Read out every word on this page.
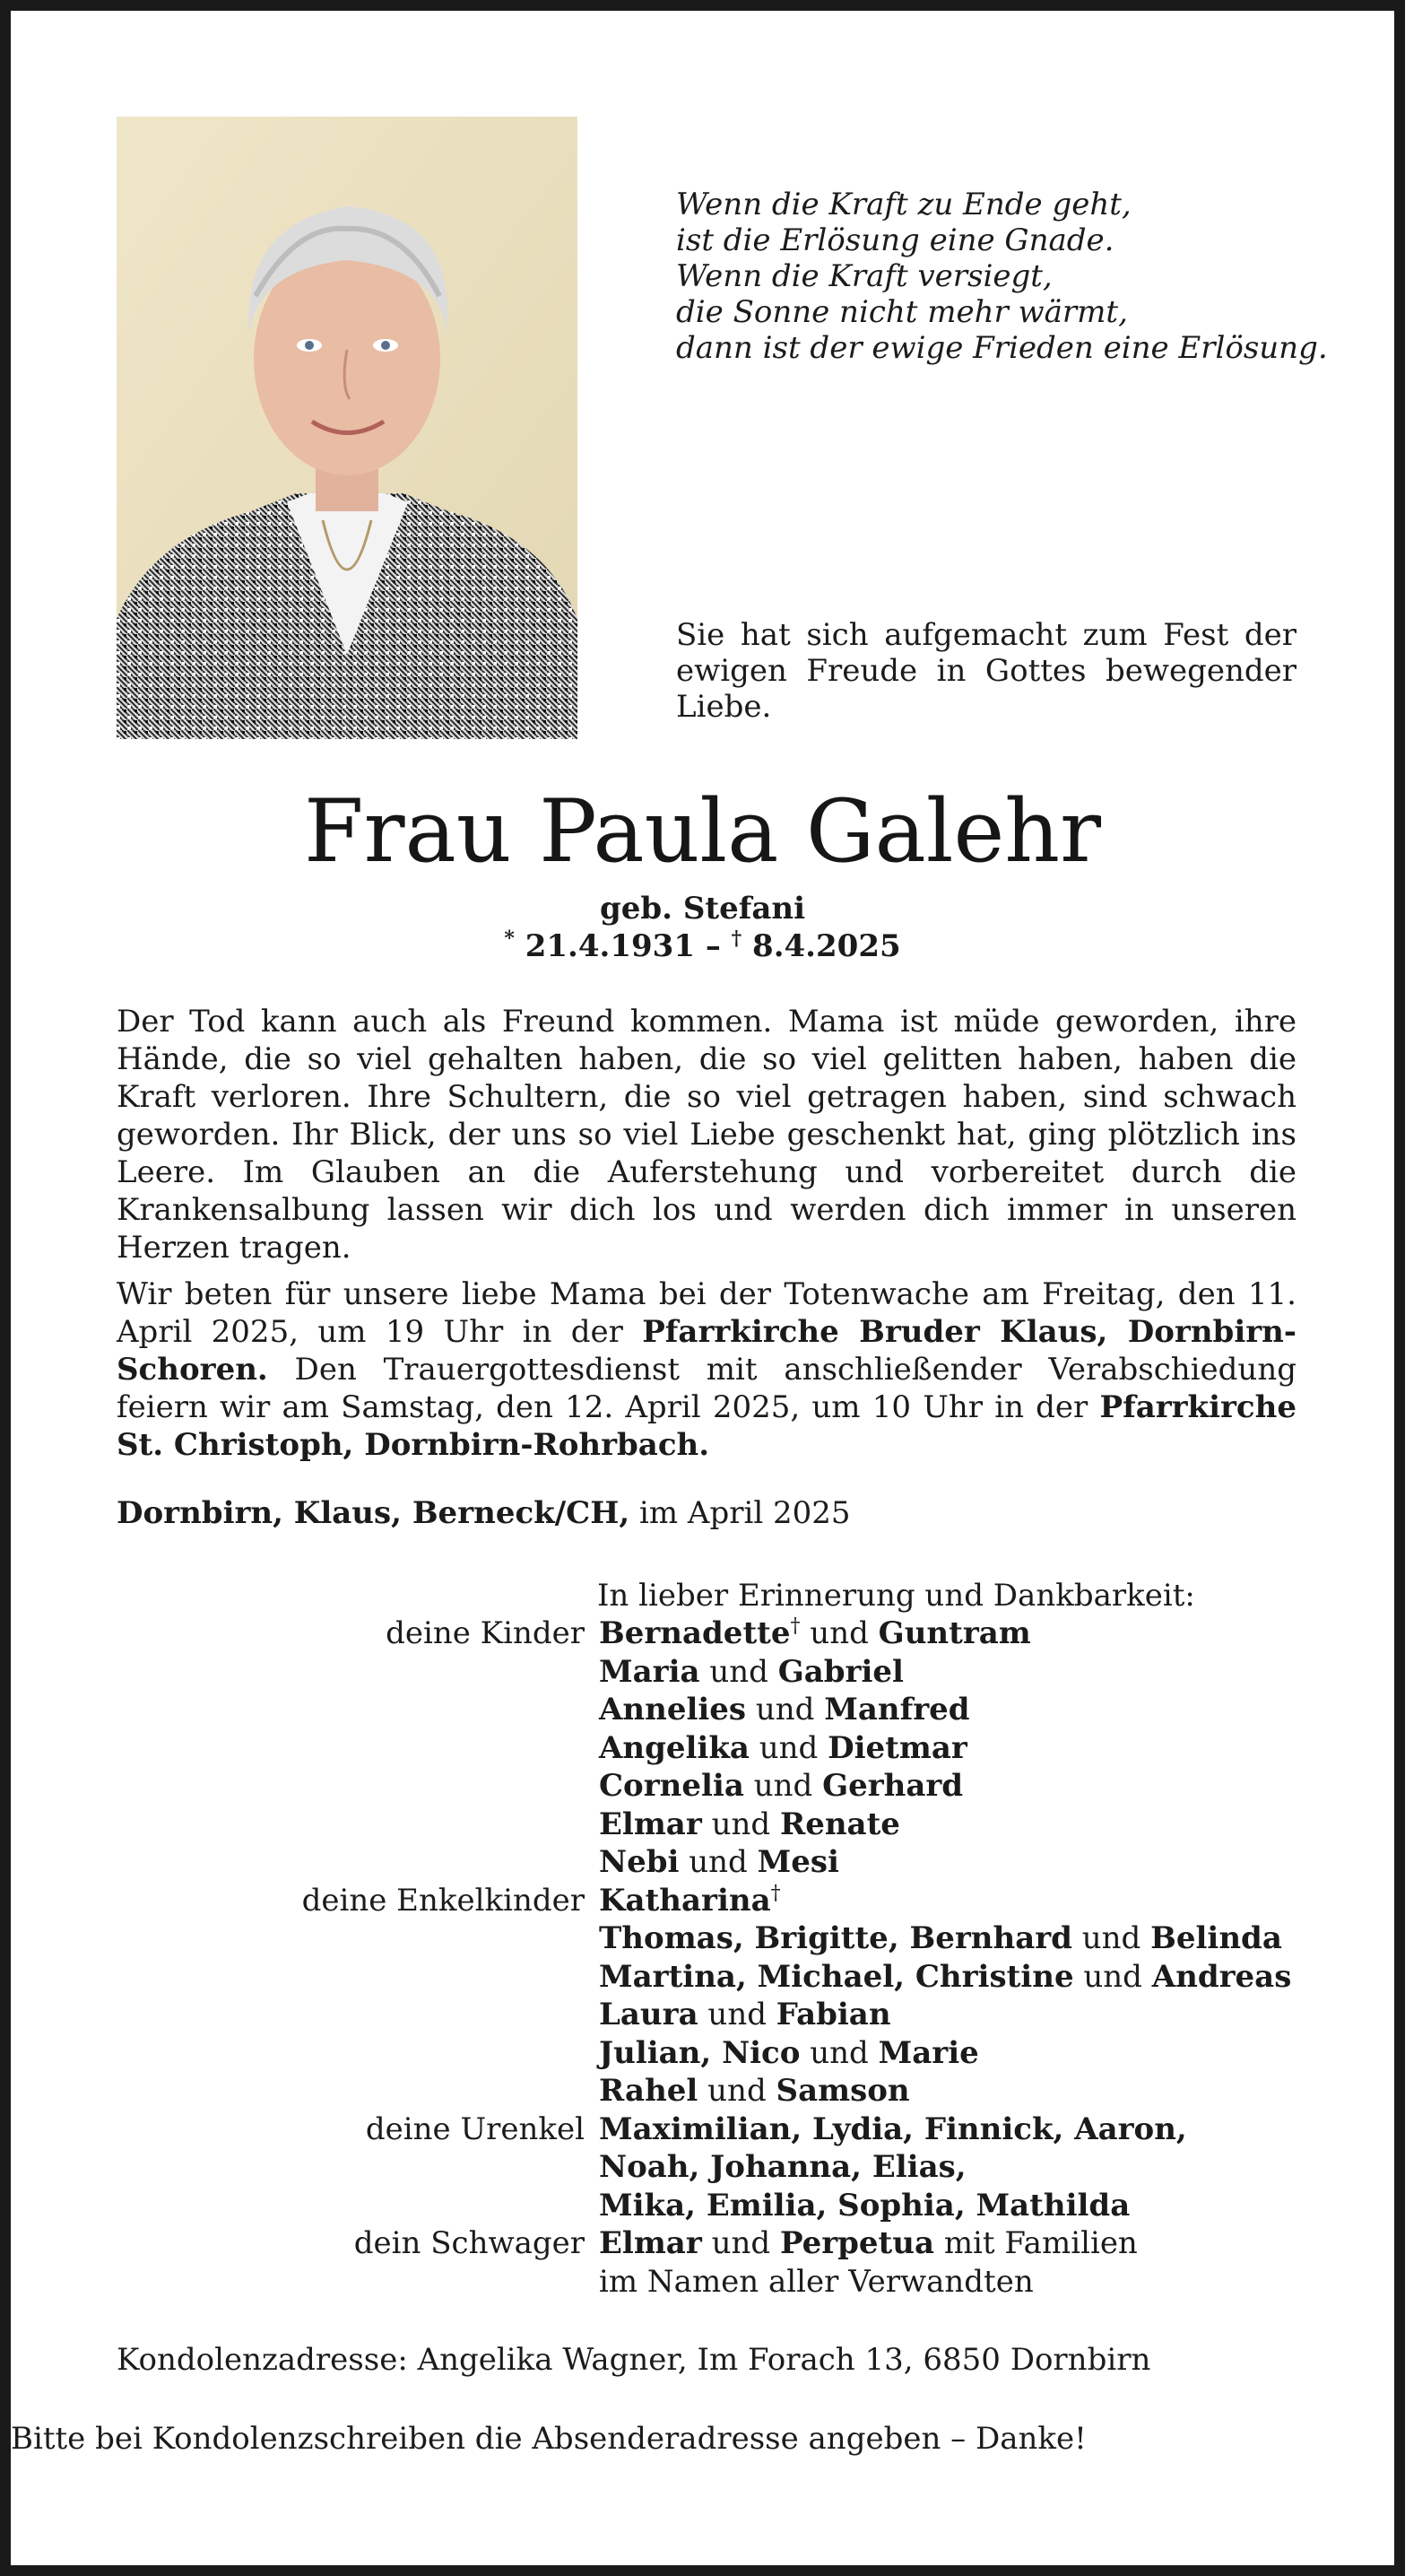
Wenn die Kraft zu Ende geht,
ist die Erlösung eine Gnade.
Wenn die Kraft versiegt,
die Sonne nicht mehr wärmt,
dann ist der ewige Frieden eine Erlösung.
Sie hat sich aufgemacht zum Fest der ewigen Freude in Gottes bewegender Liebe.
Frau Paula Galehr
geb. Stefani
* 21.4.1931 – † 8.4.2025
Der Tod kann auch als Freund kommen. Mama ist müde geworden, ihre Hände, die so viel gehalten haben, die so viel gelitten haben, haben die Kraft verloren. Ihre Schultern, die so viel getragen haben, sind schwach geworden. Ihr Blick, der uns so viel Liebe geschenkt hat, ging plötzlich ins Leere. Im Glauben an die Auferstehung und vorbereitet durch die Krankensalbung lassen wir dich los und werden dich immer in unseren Herzen tragen.
Wir beten für unsere liebe Mama bei der Totenwache am Freitag, den 11. April 2025, um 19 Uhr in der Pfarrkirche Bruder Klaus, Dornbirn-Schoren. Den Trauergottesdienst mit anschließender Verabschiedung feiern wir am Samstag, den 12. April 2025, um 10 Uhr in der Pfarrkirche St. Christoph, Dornbirn-Rohrbach.
Dornbirn, Klaus, Berneck/CH, im April 2025
In lieber Erinnerung und Dankbarkeit:
deine Kinder Bernadette† und Guntram
Maria und Gabriel
Annelies und Manfred
Angelika und Dietmar
Cornelia und Gerhard
Elmar und Renate
Nebi und Mesi
deine Enkelkinder Katharina†
Thomas, Brigitte, Bernhard und Belinda
Martina, Michael, Christine und Andreas
Laura und Fabian
Julian, Nico und Marie
Rahel und Samson
deine Urenkel Maximilian, Lydia, Finnick, Aaron,
Noah, Johanna, Elias,
Mika, Emilia, Sophia, Mathilda
dein Schwager Elmar und Perpetua mit Familien
im Namen aller Verwandten
Kondolenzadresse: Angelika Wagner, Im Forach 13, 6850 Dornbirn
Bitte bei Kondolenzschreiben die Absenderadresse angeben – Danke!
